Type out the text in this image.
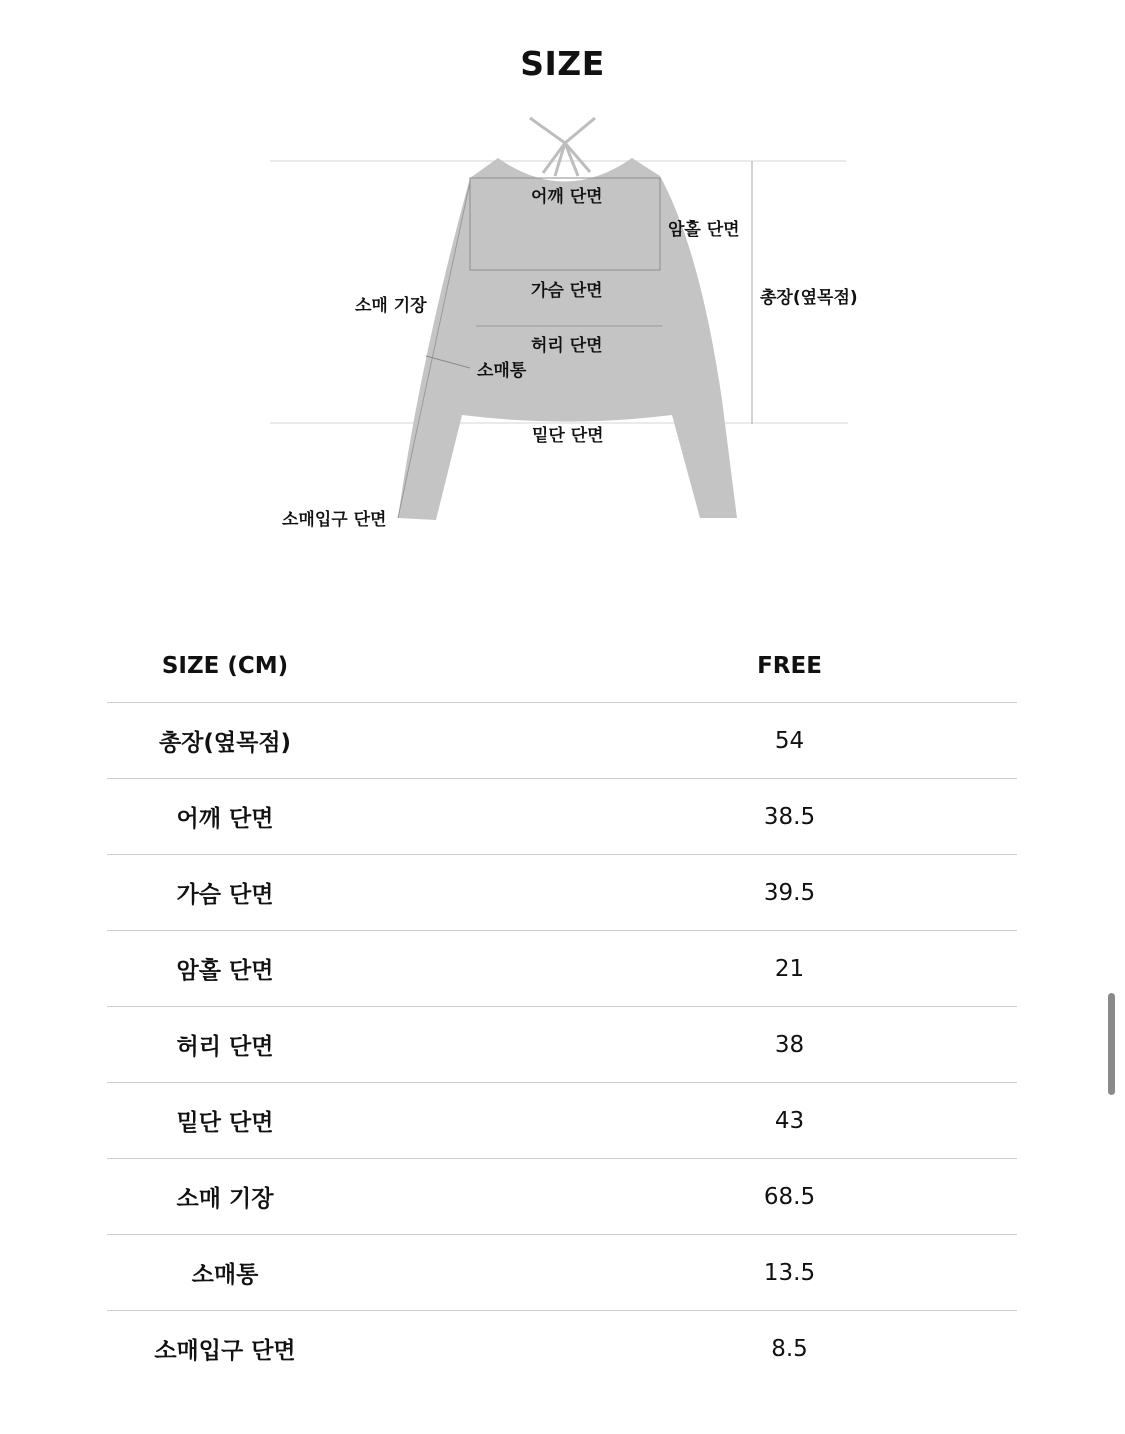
SIZE
어깨 단면
암홀 단면
가슴 단면
허리 단면
소매 기장
소매통
총장(옆목점)
밑단 단면
소매입구 단면
SIZE (CM)	FREE
총장(옆목점)	54
어깨 단면	38.5
가슴 단면	39.5
암홀 단면	21
허리 단면	38
밑단 단면	43
소매 기장	68.5
소매통	13.5
소매입구 단면	8.5
